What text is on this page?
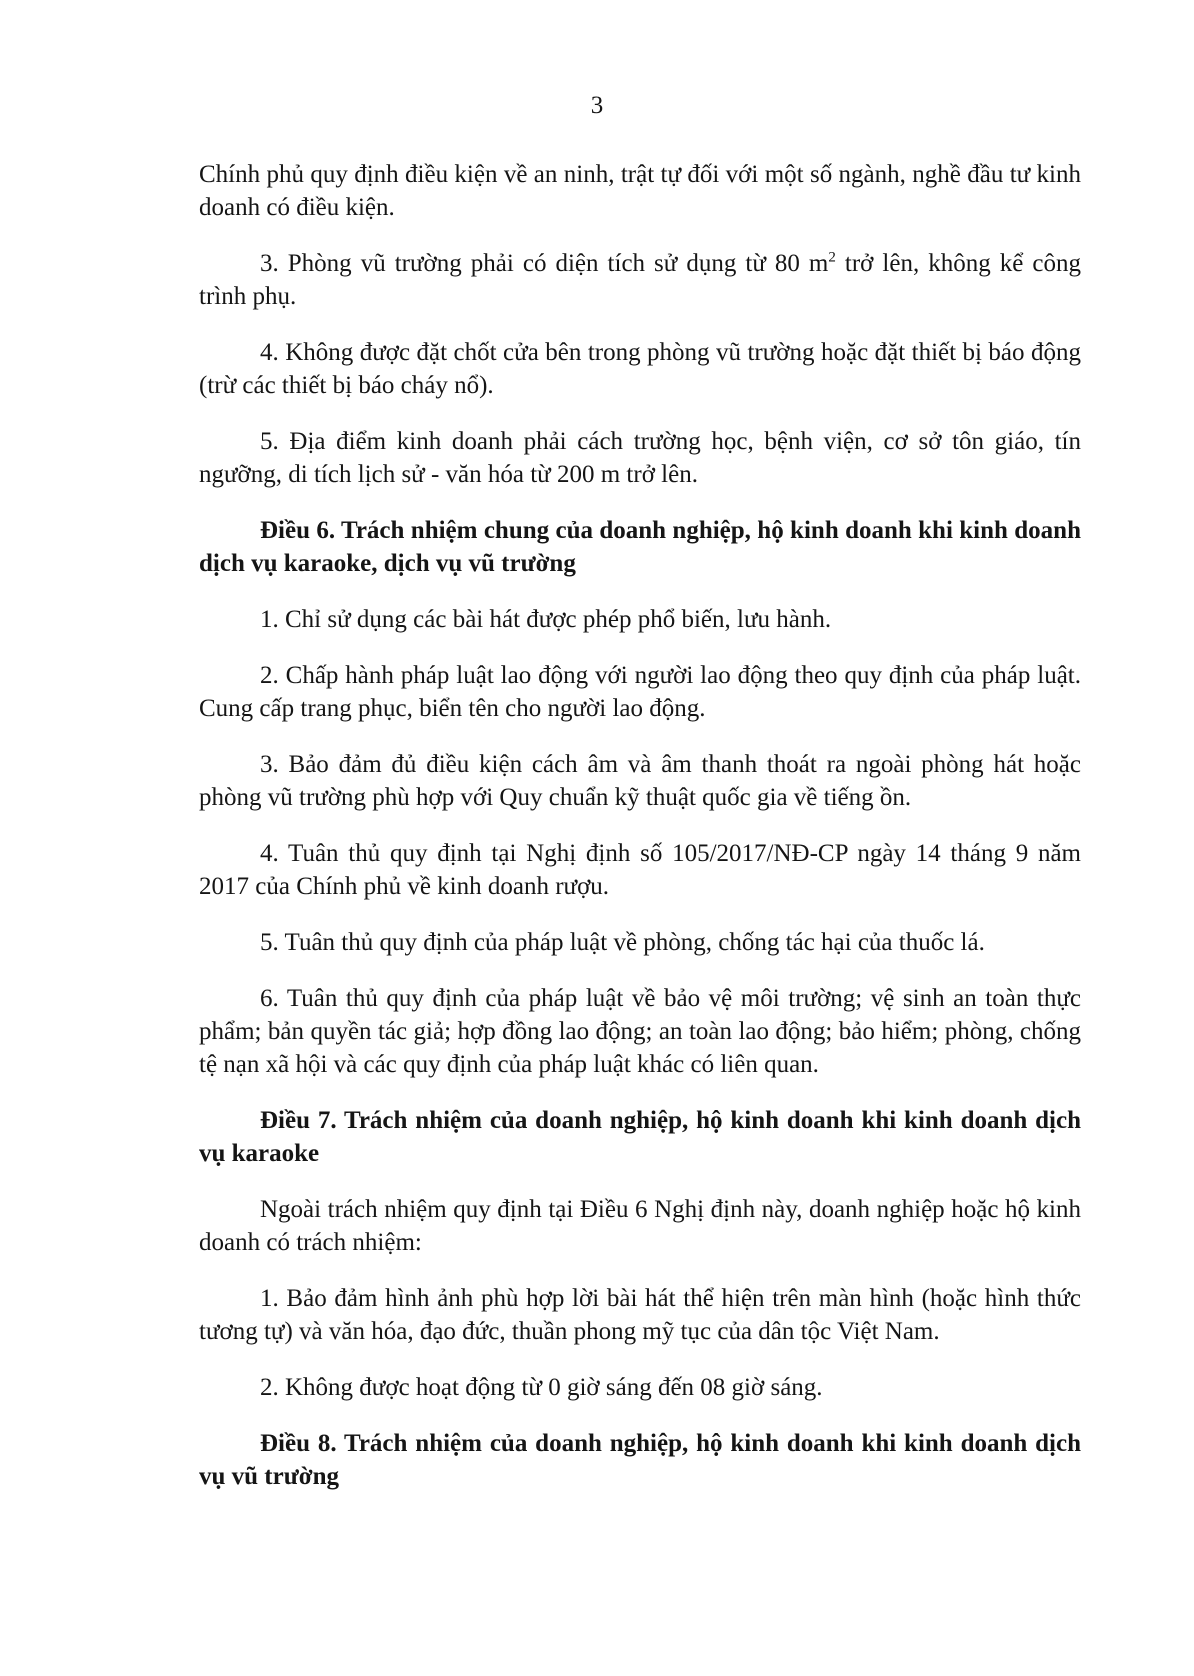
3

Chính phủ quy định điều kiện về an ninh, trật tự đối với một số ngành, nghề đầu tư kinh doanh có điều kiện.

3. Phòng vũ trường phải có diện tích sử dụng từ 80 $m^2$ trở lên, không kể công trình phụ.

4. Không được đặt chốt cửa bên trong phòng vũ trường hoặc đặt thiết bị báo động (trừ các thiết bị báo cháy nổ).

5. Địa điểm kinh doanh phải cách trường học, bệnh viện, cơ sở tôn giáo, tín ngưỡng, di tích lịch sử - văn hóa từ 200 m trở lên.

Điều 6. Trách nhiệm chung của doanh nghiệp, hộ kinh doanh khi kinh doanh dịch vụ karaoke, dịch vụ vũ trường

1. Chỉ sử dụng các bài hát được phép phổ biến, lưu hành.

2. Chấp hành pháp luật lao động với người lao động theo quy định của pháp luật. Cung cấp trang phục, biển tên cho người lao động.

3. Bảo đảm đủ điều kiện cách âm và âm thanh thoát ra ngoài phòng hát hoặc phòng vũ trường phù hợp với Quy chuẩn kỹ thuật quốc gia về tiếng ồn.

4. Tuân thủ quy định tại Nghị định số 105/2017/NĐ-CP ngày 14 tháng 9 năm 2017 của Chính phủ về kinh doanh rượu.

5. Tuân thủ quy định của pháp luật về phòng, chống tác hại của thuốc lá.

6. Tuân thủ quy định của pháp luật về bảo vệ môi trường; vệ sinh an toàn thực phẩm; bản quyền tác giả; hợp đồng lao động; an toàn lao động; bảo hiểm; phòng, chống tệ nạn xã hội và các quy định của pháp luật khác có liên quan.

Điều 7. Trách nhiệm của doanh nghiệp, hộ kinh doanh khi kinh doanh dịch vụ karaoke

Ngoài trách nhiệm quy định tại Điều 6 Nghị định này, doanh nghiệp hoặc hộ kinh doanh có trách nhiệm:

1. Bảo đảm hình ảnh phù hợp lời bài hát thể hiện trên màn hình (hoặc hình thức tương tự) và văn hóa, đạo đức, thuần phong mỹ tục của dân tộc Việt Nam.

2. Không được hoạt động từ 0 giờ sáng đến 08 giờ sáng.

Điều 8. Trách nhiệm của doanh nghiệp, hộ kinh doanh khi kinh doanh dịch vụ vũ trường
